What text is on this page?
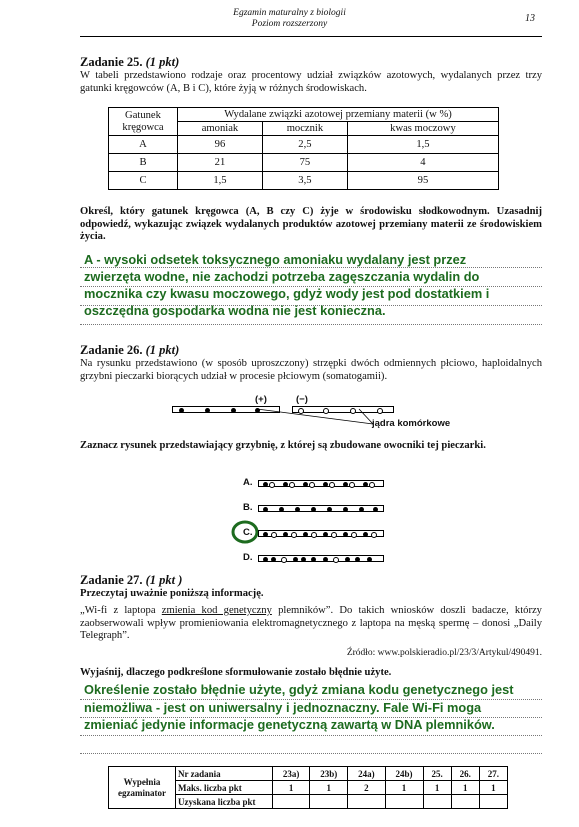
Egzamin maturalny z biologii
Poziom rozszerzony	13
Zadanie 25. (1 pkt)
W tabeli przedstawiono rodzaje oraz procentowy udział związków azotowych, wydalanych przez trzy gatunki kręgowców (A, B i C), które żyją w różnych środowiskach.
Gatunek
kręgowca	Wydalane związki azotowej przemiany materii (w %)		
	amoniak	mocznik	kwas moczowy
A	96	2,5	1,5
B	21	75	4
C	1,5	3,5	95
Określ, który gatunek kręgowca (A, B czy C) żyje w środowisku słodkowodnym. Uzasadnij odpowiedź, wykazując związek wydalanych produktów azotowej przemiany materii ze środowiskiem życia.
A - wysoki odsetek toksycznego amoniaku wydalany jest przez
zwierzęta wodne, nie zachodzi potrzeba zagęszczania wydalin do
mocznika czy kwasu moczowego, gdyż wody jest pod dostatkiem i
oszczędna gospodarka wodna nie jest konieczna.
Zadanie 26. (1 pkt)
Na rysunku przedstawiono (w sposób uproszczony) strzępki dwóch odmiennych płciowo, haploidalnych grzybni pieczarki biorących udział w procesie płciowym (somatogamii).
(+)	(−)
jądra komórkowe
Zaznacz rysunek przedstawiający grzybnię, z której są zbudowane owocniki tej pieczarki.
A.
B.
C.
D.
Zadanie 27. (1 pkt )
Przeczytaj uważnie poniższą informację.
„Wi-fi z laptopa zmienia kod genetyczny plemników”. Do takich wniosków doszli badacze, którzy zaobserwowali wpływ promieniowania elektromagnetycznego z laptopa na męską spermę – donosi „Daily Telegraph”.
Źródło: www.polskieradio.pl/23/3/Artykul/490491.
Wyjaśnij, dlaczego podkreślone sformułowanie zostało błędnie użyte.
Określenie zostało błędnie użyte, gdyż zmiana kodu genetycznego jest
niemożliwa - jest on uniwersalny i jednoznaczny. Fale Wi-Fi moga
zmieniać jedynie informacje genetyczną zawartą w DNA plemników.
Wypełnia
egzaminator	Nr zadania	23a)	23b)	24a)	24b)	25.	26.	27.
	Maks. liczba pkt	1	1	2	1	1	1	1
	Uzyskana liczba pkt							
